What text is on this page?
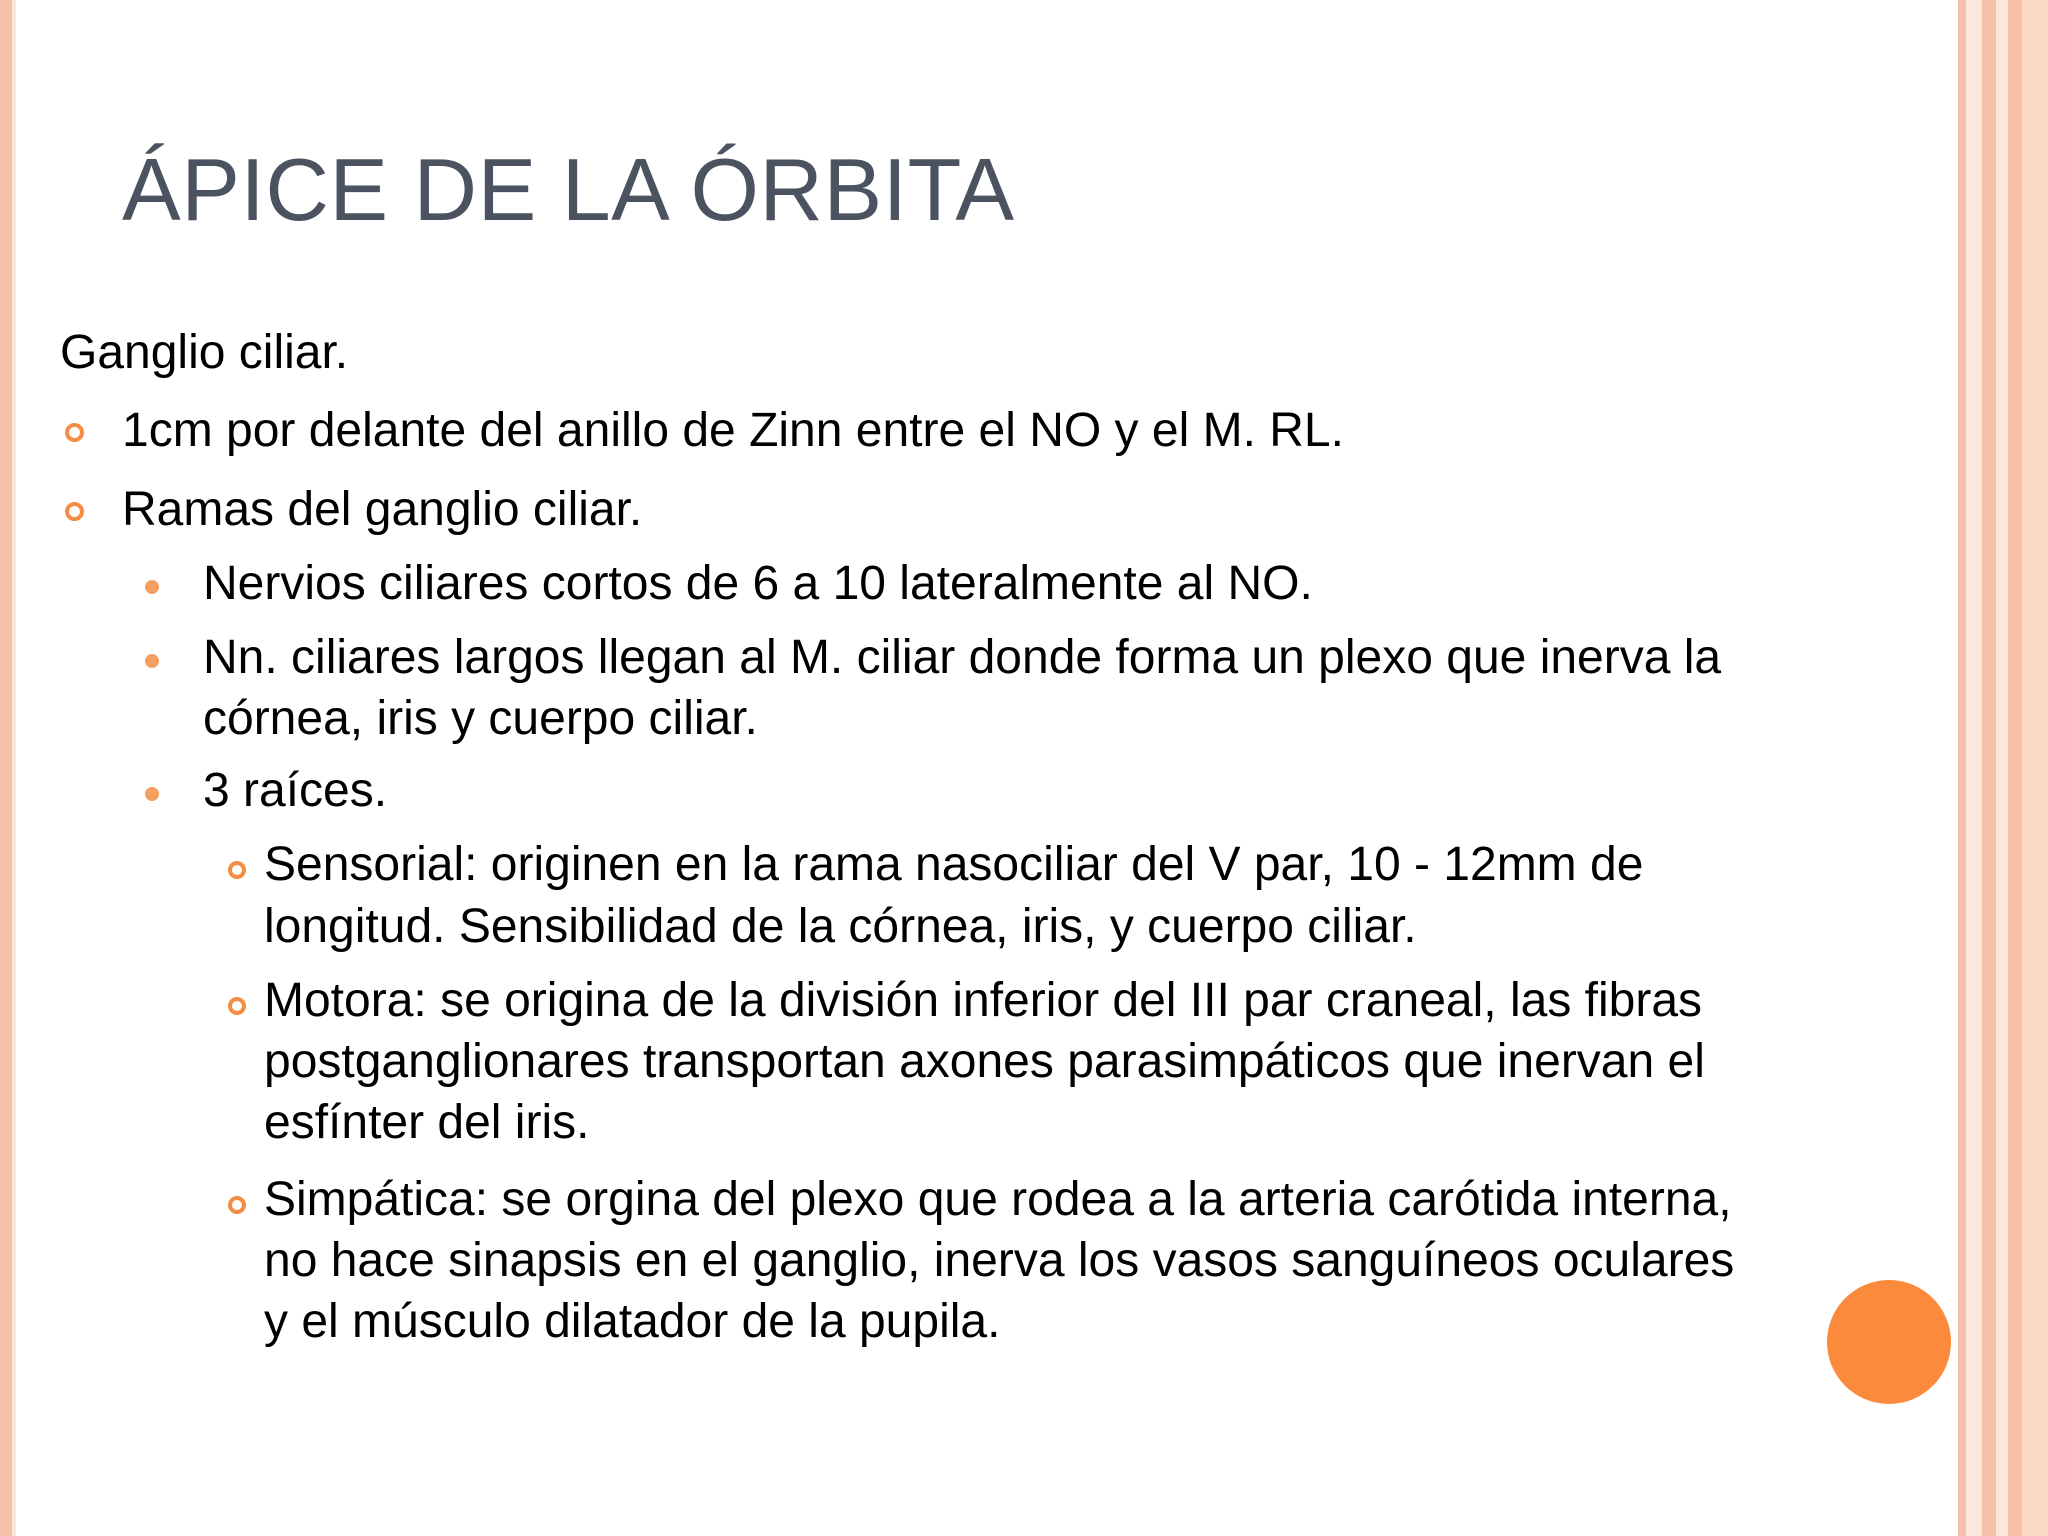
ÁPICE DE LA ÓRBITA
Ganglio ciliar.
1cm por delante del anillo de Zinn entre el NO y el M. RL.
Ramas del ganglio ciliar.
Nervios ciliares cortos de 6 a 10 lateralmente al NO.
Nn. ciliares largos llegan al M. ciliar donde forma un plexo que inerva la
córnea, iris y cuerpo ciliar.
3 raíces.
Sensorial: originen en la rama nasociliar del V par, 10 - 12mm de
longitud. Sensibilidad de la córnea, iris, y cuerpo ciliar.
Motora: se origina de la división inferior del III par craneal, las fibras
postganglionares transportan axones parasimpáticos que inervan el
esfínter del iris.
Simpática: se orgina del plexo que rodea a la arteria carótida interna,
no hace sinapsis en el ganglio, inerva los vasos sanguíneos oculares
y el músculo dilatador de la pupila.
